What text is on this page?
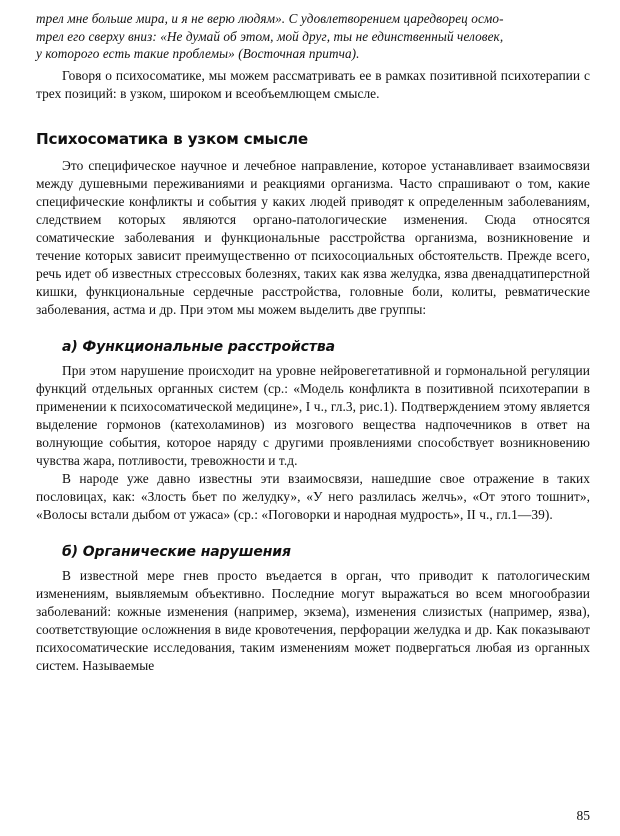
трел мне больше мира, и я не верю людям». С удовлетворением царедворец осмо-
трел его сверху вниз: «Не думай об этом, мой друг, ты не единственный человек,
у которого есть такие проблемы» (Восточная притча).

Говоря о психосоматике, мы можем рассматривать ее в рамках позитивной психотерапии с трех позиций: в узком, широком и всеобъемлющем смысле.

Психосоматика в узком смысле

Это специфическое научное и лечебное направление, которое устанавливает взаимосвязи между душевными переживаниями и реакциями организма. Часто спрашивают о том, какие специфические конфликты и события у каких людей приводят к определенным заболеваниям, следствием которых являются органо-патологические изменения. Сюда относятся соматические заболевания и функциональные расстройства организма, возникновение и течение которых зависит преимущественно от психосоциальных обстоятельств. Прежде всего, речь идет об известных стрессовых болезнях, таких как язва желудка, язва двенадцатиперстной кишки, функциональные сердечные расстройства, головные боли, колиты, ревматические заболевания, астма и др. При этом мы можем выделить две группы:

а) Функциональные расстройства

При этом нарушение происходит на уровне нейровегетативной и гормональной регуляции функций отдельных органных систем (ср.: «Модель конфликта в позитивной психотерапии в применении к психосоматической медицине», I ч., гл.3, рис.1). Подтверждением этому является выделение гормонов (катехоламинов) из мозгового вещества надпочечников в ответ на волнующие события, которое наряду с другими проявлениями способствует возникновению чувства жара, потливости, тревожности и т.д.

В народе уже давно известны эти взаимосвязи, нашедшие свое отражение в таких пословицах, как: «Злость бьет по желудку», «У него разлилась желчь», «От этого тошнит», «Волосы встали дыбом от ужаса» (ср.: «Поговорки и народная мудрость», II ч., гл.1—39).

б) Органические нарушения

В известной мере гнев просто въедается в орган, что приводит к патологическим изменениям, выявляемым объективно. Последние могут выражаться во всем многообразии заболеваний: кожные изменения (например, экзема), изменения слизистых (например, язва), соответствующие осложнения в виде кровотечения, перфорации желудка и др. Как показывают психосоматические исследования, таким изменениям может подвергаться любая из органных систем. Называемые

85
